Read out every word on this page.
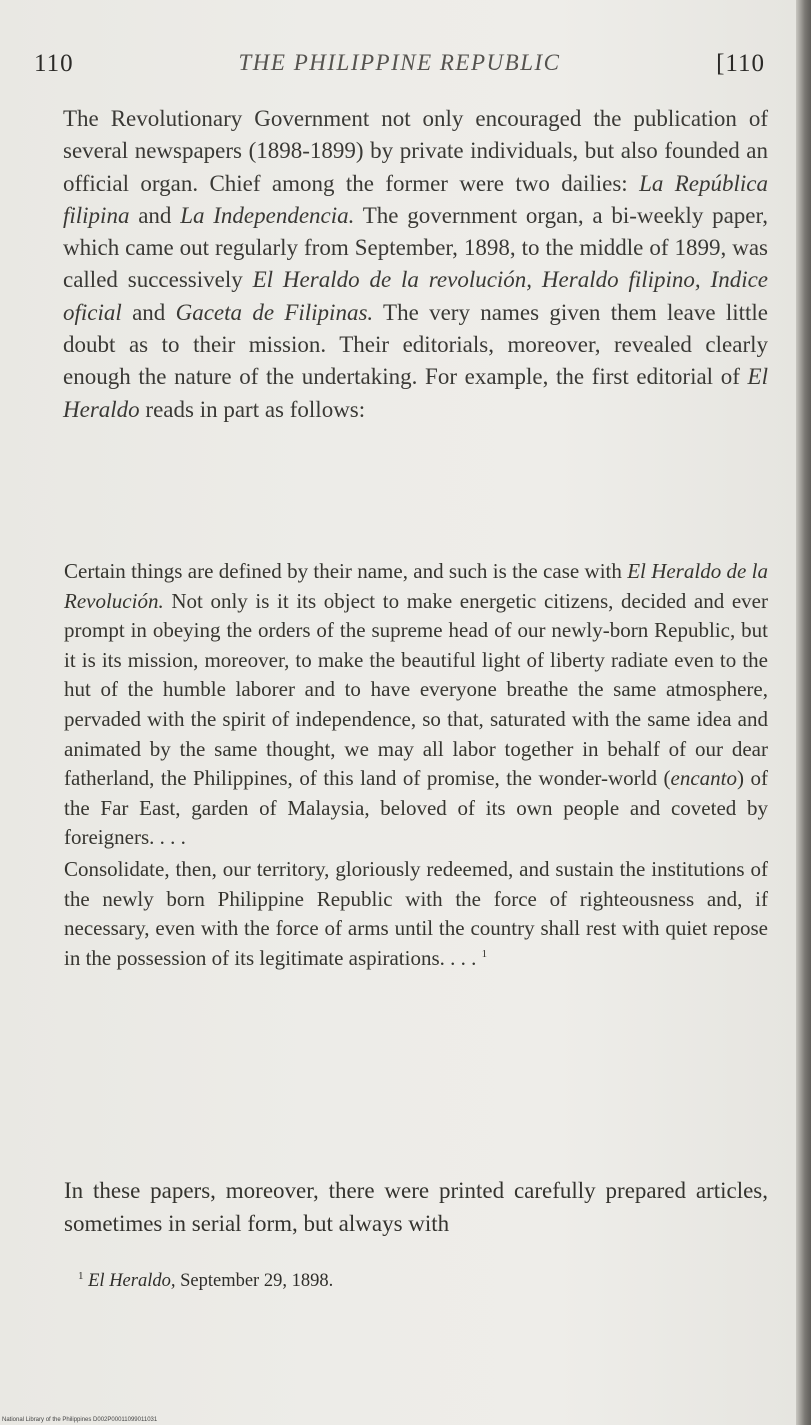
110	THE PHILIPPINE REPUBLIC	[110
The Revolutionary Government not only encouraged the publication of several newspapers (1898-1899) by private individuals, but also founded an official organ. Chief among the former were two dailies: La República filipina and La Independencia. The government organ, a bi-weekly paper, which came out regularly from September, 1898, to the middle of 1899, was called successively El Heraldo de la revolución, Heraldo filipino, Indice oficial and Gaceta de Filipinas. The very names given them leave little doubt as to their mission. Their editorials, moreover, revealed clearly enough the nature of the undertaking. For example, the first editorial of El Heraldo reads in part as follows:

Certain things are defined by their name, and such is the case with El Heraldo de la Revolución. Not only is it its object to make energetic citizens, decided and ever prompt in obeying the orders of the supreme head of our newly-born Republic, but it is its mission, moreover, to make the beautiful light of liberty radiate even to the hut of the humble laborer and to have everyone breathe the same atmosphere, pervaded with the spirit of independence, so that, saturated with the same idea and animated by the same thought, we may all labor together in behalf of our dear fatherland, the Philippines, of this land of promise, the wonder-world (encanto) of the Far East, garden of Malaysia, beloved of its own people and coveted by foreigners. . . .

Consolidate, then, our territory, gloriously redeemed, and sustain the institutions of the newly born Philippine Republic with the force of righteousness and, if necessary, even with the force of arms until the country shall rest with quiet repose in the possession of its legitimate aspirations. . . . $^1$

In these papers, moreover, there were printed carefully prepared articles, sometimes in serial form, but always with
$^1$ El Heraldo, September 29, 1898.
National Library of the Philippines D002P00011099011031
